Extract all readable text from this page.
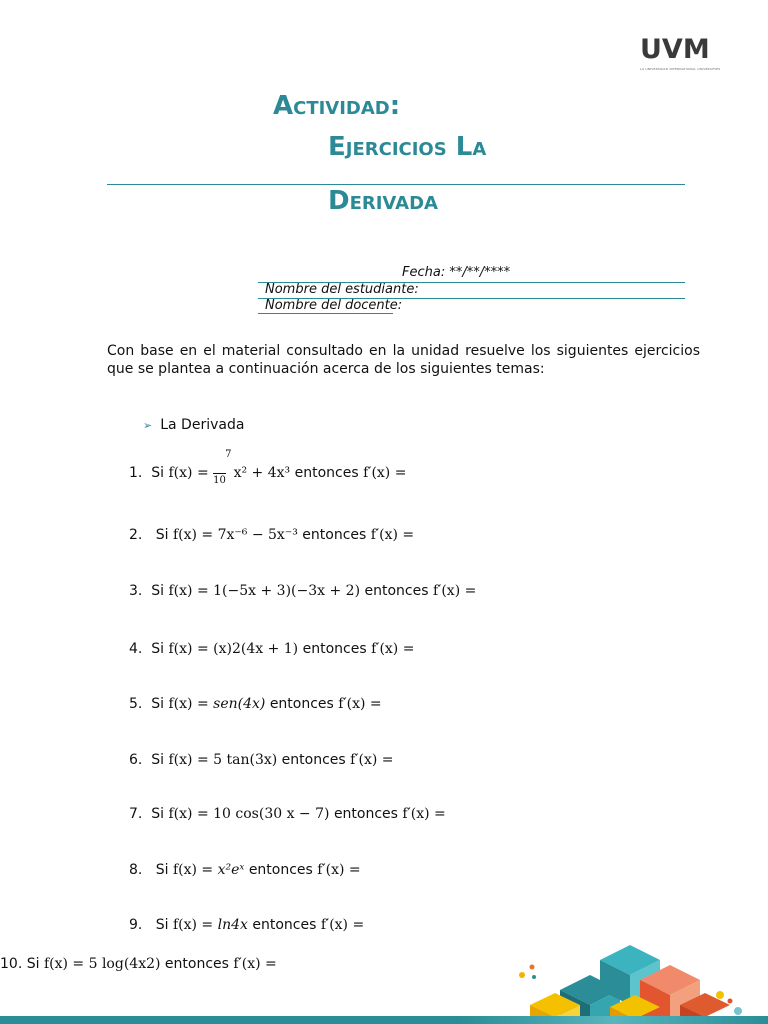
UVM
LA UNIVERSIDAD INTERNATIONAL UNIVERSITIES
Actividad:
Ejercicios La
Derivada
Fecha: **/**/****
Nombre del estudiante:
Nombre del docente:
Con base en el material consultado en la unidad resuelve los siguientes ejercicios que se plantea a continuación acerca de los siguientes temas:
➢ La Derivada
1. Si f(x) =
7
10 x² + 4x³ entonces f′(x) =
2. Si f(x) = 7x⁻⁶ − 5x⁻³ entonces f′(x) =
3. Si f(x) = 1(−5x + 3)(−3x + 2) entonces f′(x) =
4. Si f(x) = (x)2(4x + 1) entonces f′(x) =
5. Si f(x) = sen(4x) entonces f′(x) =
6. Si f(x) = 5 tan(3x) entonces f′(x) =
7. Si f(x) = 10 cos(30 x − 7) entonces f′(x) =
8. Si f(x) = x²eˣ entonces f′(x) =
9. Si f(x) = ln4x entonces f′(x) =
10. Si f(x) = 5 log(4x2) entonces f′(x) =
